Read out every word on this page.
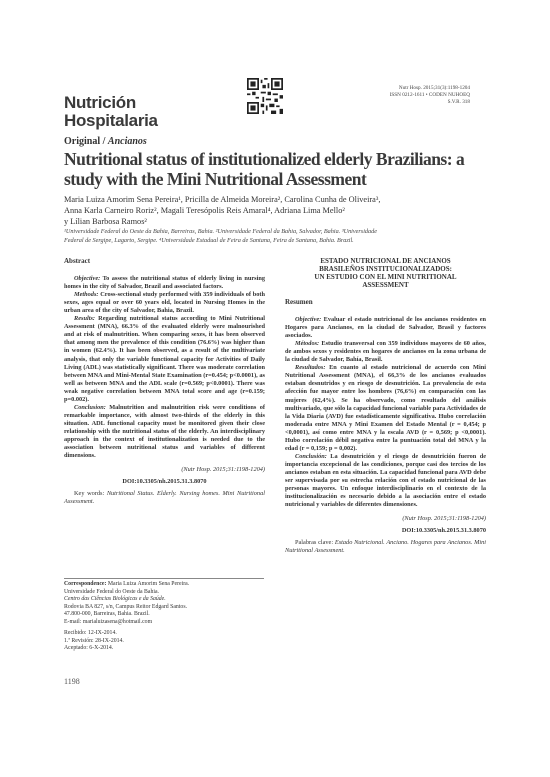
Nutrición
Hospitalaria
Nutr Hosp. 2015;31(3):1198-1204
ISSN 0212-1611 • CODEN NUHOEQ
S.V.R. 318
Original / Ancianos
Nutritional status of institutionalized elderly Brazilians: a study with the Mini Nutritional Assessment
Maria Luiza Amorim Sena Pereira¹, Pricilla de Almeida Moreira², Carolina Cunha de Oliveira³,
Anna Karla Carneiro Roriz², Magali Teresópolis Reis Amaral⁴, Adriana Lima Mello²
y Lílian Barbosa Ramos²
¹Universidade Federal do Oeste da Bahia, Barreiras, Bahia. ²Universidade Federal da Bahia, Salvador, Bahia. ³Universidade
Federal de Sergipe, Lagarto, Sergipe. ⁴Universidade Estadual de Feira de Santana, Feira de Santana, Bahia. Brazil.
Abstract
Objective: To assess the nutritional status of elderly living in nursing homes in the city of Salvador, Brazil and associated factors.
Methods: Cross-sectional study performed with 359 individuals of both sexes, ages equal or over 60 years old, located in Nursing Homes in the urban area of the city of Salvador, Bahia, Brazil.
Results: Regarding nutritional status according to Mini Nutritional Assessment (MNA), 66.3% of the evaluated elderly were malnourished and at risk of malnutrition. When comparing sexes, it has been observed that among men the prevalence of this condition (76.6%) was higher than in women (62.4%). It has been observed, as a result of the multivariate analysis, that only the variable functional capacity for Activities of Daily Living (ADL) was statistically significant. There was moderate correlation between MNA and Mini-Mental State Examination (r=0.454; p<0.0001), as well as between MNA and the ADL scale (r=0.569; p<0.0001). There was weak negative correlation between MNA total score and age (r=0.159; p=0.002).
Conclusion: Malnutrition and malnutrition risk were conditions of remarkable importance, with almost two-thirds of the elderly in this situation. ADL functional capacity must be monitored given their close relationship with the nutritional status of the elderly. An interdisciplinary approach in the context of institutionalization is needed due to the association between nutritional status and variables of different dimensions.
(Nutr Hosp. 2015;31:1198-1204)
DOI:10.3305/nh.2015.31.3.8070
Key words: Nutritional Status. Elderly. Nursing homes. Mini Nutritional Assessment.
Correspondence: Maria Luiza Amorim Sena Pereira.
Universidade Federal do Oeste da Bahia.
Centro das Ciências Biológicas e da Saúde.
Rodovia BA 827, s/n, Campus Reitor Edgard Santos.
47.800-000, Barreiras, Bahia. Brazil.
E-mail: marialuizasena@hotmail.com
Recibido: 12-IX-2014.
1.ª Revisión: 28-IX-2014.
Aceptado: 6-X-2014.
ESTADO NUTRICIONAL DE ANCIANOS
BRASILEÑOS INSTITUCIONALIZADOS:
UN ESTUDIO CON EL MINI NUTRITIONAL
ASSESSMENT
Resumen
Objective: Evaluar el estado nutricional de los ancianos residentes en Hogares para Ancianos, en la ciudad de Salvador, Brasil y factores asociados.
Métodos: Estudio transversal con 359 individuos mayores de 60 años, de ambos sexos y residentes en hogares de ancianos en la zona urbana de la ciudad de Salvador, Bahía, Brasil.
Resultados: En cuanto al estado nutricional de acuerdo con Mini Nutritional Assessment (MNA), el 66,3% de los ancianos evaluados estaban desnutridos y en riesgo de desnutrición. La prevalencia de esta afección fue mayor entre los hombres (76,6%) en comparación con las mujeres (62,4%). Se ha observado, como resultado del análisis multivariado, que sólo la capacidad funcional variable para Actividades de la Vida Diaria (AVD) fue estadísticamente significativa. Hubo correlación moderada entre MNA y Mini Examen del Estado Mental (r = 0,454; p <0,0001), así como entre MNA y la escala AVD (r = 0,569; p <0,0001). Hubo correlación débil negativa entre la puntuación total del MNA y la edad (r = 0,159; p = 0,002).
Conclusión: La desnutrición y el riesgo de desnutrición fueron de importancia excepcional de las condiciones, porque casi dos tercios de los ancianos estaban en esta situación. La capacidad funcional para AVD debe ser supervisada por su estrecha relación con el estado nutricional de las personas mayores. Un enfoque interdisciplinario en el contexto de la institucionalización es necesario debido a la asociación entre el estado nutricional y variables de diferentes dimensiones.
(Nutr Hosp. 2015;31:1198-1204)
DOI:10.3305/nh.2015.31.3.8070
Palabras clave: Estado Nutricional. Anciano. Hogares para Ancianos. Mini Nutritional Assessment.
1198
